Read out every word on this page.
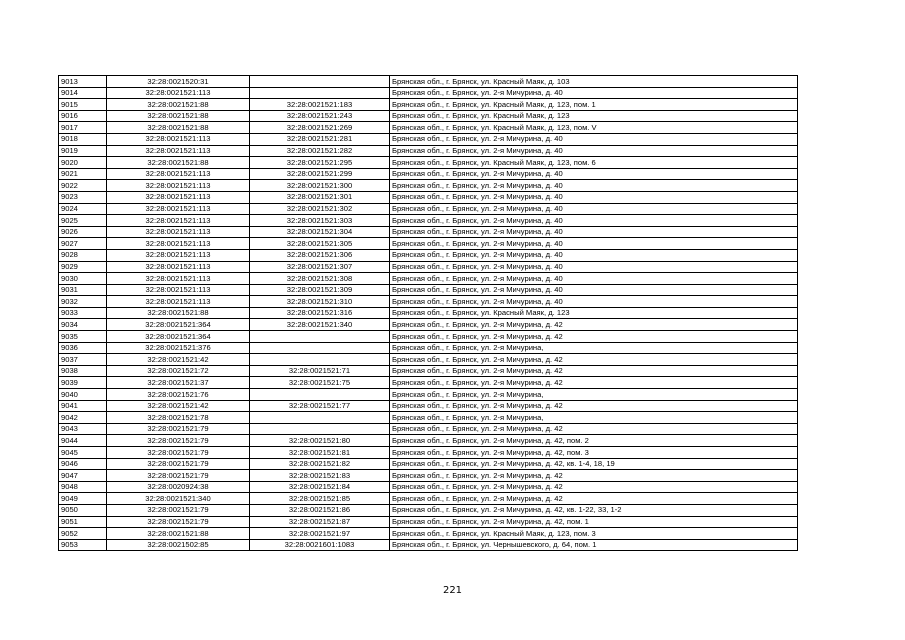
9013	32:28:0021520:31		Брянская обл., г. Брянск, ул. Красный Маяк, д. 103
9014	32:28:0021521:113		Брянская обл., г. Брянск, ул. 2-я Мичурина, д. 40
9015	32:28:0021521:88	32:28:0021521:183	Брянская обл., г. Брянск, ул. Красный Маяк, д. 123, пом. 1
9016	32:28:0021521:88	32:28:0021521:243	Брянская обл., г. Брянск, ул. Красный Маяк, д. 123
9017	32:28:0021521:88	32:28:0021521:269	Брянская обл., г. Брянск, ул. Красный Маяк, д. 123, пом. V
9018	32:28:0021521:113	32:28:0021521:281	Брянская обл., г. Брянск, ул. 2-я Мичурина, д. 40
9019	32:28:0021521:113	32:28:0021521:282	Брянская обл., г. Брянск, ул. 2-я Мичурина, д. 40
9020	32:28:0021521:88	32:28:0021521:295	Брянская обл., г. Брянск, ул. Красный Маяк, д. 123, пом. 6
9021	32:28:0021521:113	32:28:0021521:299	Брянская обл., г. Брянск, ул. 2-я Мичурина, д. 40
9022	32:28:0021521:113	32:28:0021521:300	Брянская обл., г. Брянск, ул. 2-я Мичурина, д. 40
9023	32:28:0021521:113	32:28:0021521:301	Брянская обл., г. Брянск, ул. 2-я Мичурина, д. 40
9024	32:28:0021521:113	32:28:0021521:302	Брянская обл., г. Брянск, ул. 2-я Мичурина, д. 40
9025	32:28:0021521:113	32:28:0021521:303	Брянская обл., г. Брянск, ул. 2-я Мичурина, д. 40
9026	32:28:0021521:113	32:28:0021521:304	Брянская обл., г. Брянск, ул. 2-я Мичурина, д. 40
9027	32:28:0021521:113	32:28:0021521:305	Брянская обл., г. Брянск, ул. 2-я Мичурина, д. 40
9028	32:28:0021521:113	32:28:0021521:306	Брянская обл., г. Брянск, ул. 2-я Мичурина, д. 40
9029	32:28:0021521:113	32:28:0021521:307	Брянская обл., г. Брянск, ул. 2-я Мичурина, д. 40
9030	32:28:0021521:113	32:28:0021521:308	Брянская обл., г. Брянск, ул. 2-я Мичурина, д. 40
9031	32:28:0021521:113	32:28:0021521:309	Брянская обл., г. Брянск, ул. 2-я Мичурина, д. 40
9032	32:28:0021521:113	32:28:0021521:310	Брянская обл., г. Брянск, ул. 2-я Мичурина, д. 40
9033	32:28:0021521:88	32:28:0021521:316	Брянская обл., г. Брянск, ул. Красный Маяк, д. 123
9034	32:28:0021521:364	32:28:0021521:340	Брянская обл., г. Брянск, ул. 2-я Мичурина, д. 42
9035	32:28:0021521:364		Брянская обл., г. Брянск, ул. 2-я Мичурина, д. 42
9036	32:28:0021521:376		Брянская обл., г. Брянск, ул. 2-я Мичурина,
9037	32:28:0021521:42		Брянская обл., г. Брянск, ул. 2-я Мичурина, д. 42
9038	32:28:0021521:72	32:28:0021521:71	Брянская обл., г. Брянск, ул. 2-я Мичурина, д. 42
9039	32:28:0021521:37	32:28:0021521:75	Брянская обл., г. Брянск, ул. 2-я Мичурина, д. 42
9040	32:28:0021521:76		Брянская обл., г. Брянск, ул. 2-я Мичурина,
9041	32:28:0021521:42	32:28:0021521:77	Брянская обл., г. Брянск, ул. 2-я Мичурина, д. 42
9042	32:28:0021521:78		Брянская обл., г. Брянск, ул. 2-я Мичурина,
9043	32:28:0021521:79		Брянская обл., г. Брянск, ул. 2-я Мичурина, д. 42
9044	32:28:0021521:79	32:28:0021521:80	Брянская обл., г. Брянск, ул. 2-я Мичурина, д. 42, пом. 2
9045	32:28:0021521:79	32:28:0021521:81	Брянская обл., г. Брянск, ул. 2-я Мичурина, д. 42, пом. 3
9046	32:28:0021521:79	32:28:0021521:82	Брянская обл., г. Брянск, ул. 2-я Мичурина, д. 42, кв. 1-4, 18, 19
9047	32:28:0021521:79	32:28:0021521:83	Брянская обл., г. Брянск, ул. 2-я Мичурина, д. 42
9048	32:28:0020924:38	32:28:0021521:84	Брянская обл., г. Брянск, ул. 2-я Мичурина, д. 42
9049	32:28:0021521:340	32:28:0021521:85	Брянская обл., г. Брянск, ул. 2-я Мичурина, д. 42
9050	32:28:0021521:79	32:28:0021521:86	Брянская обл., г. Брянск, ул. 2-я Мичурина, д. 42, кв. 1-22, 33, 1-2
9051	32:28:0021521:79	32:28:0021521:87	Брянская обл., г. Брянск, ул. 2-я Мичурина, д. 42, пом. 1
9052	32:28:0021521:88	32:28:0021521:97	Брянская обл., г. Брянск, ул. Красный Маяк, д. 123, пом. 3
9053	32:28:0021502:85	32:28:0021601:1083	Брянская обл., г. Брянск, ул. Чернышевского, д. 64, пом. 1
221
